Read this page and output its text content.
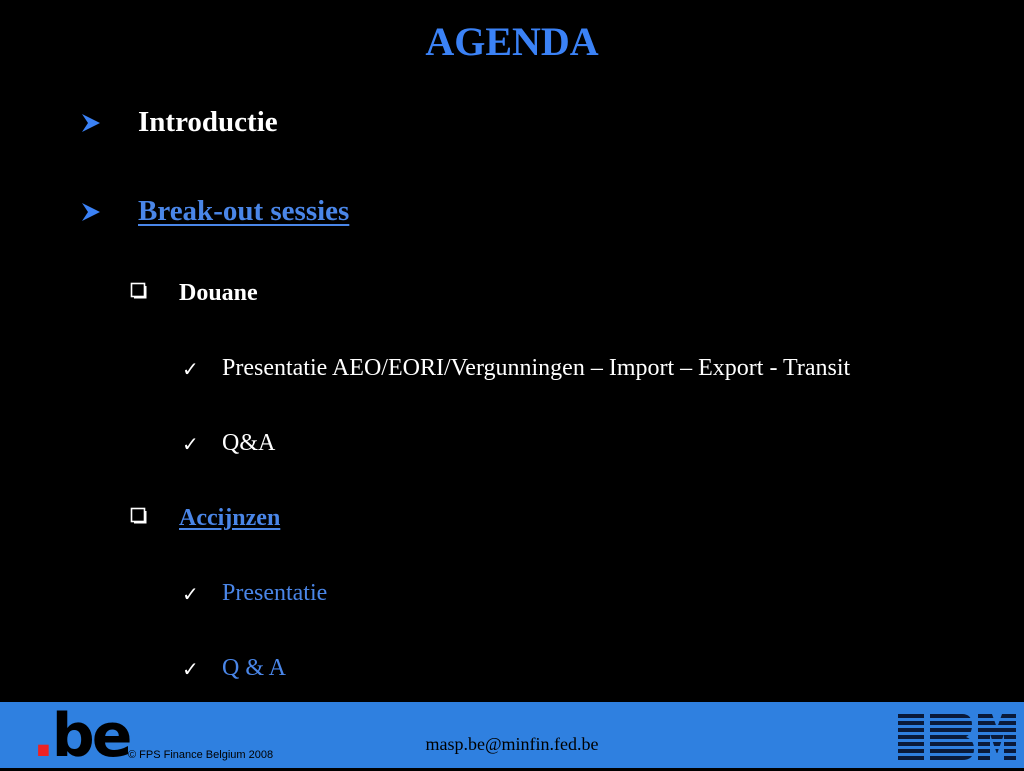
AGENDA
Introductie
Break-out sessies
Douane
✓ Presentatie AEO/EORI/Vergunningen – Import – Export - Transit
✓ Q&A
Accijnzen
✓ Presentatie
✓ Q & A
.be
© FPS Finance Belgium 2008
masp.be@minfin.fed.be
